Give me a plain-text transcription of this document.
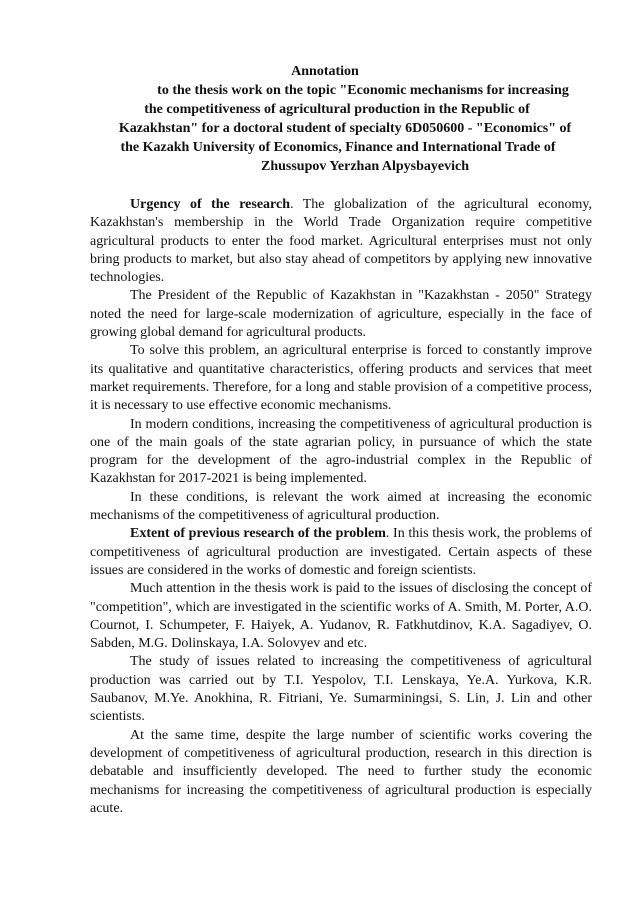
Annotation
to the thesis work on the topic "Economic mechanisms for increasing
the competitiveness of agricultural production in the Republic of
Kazakhstan" for a doctoral student of specialty 6D050600 - "Economics" of
the Kazakh University of Economics, Finance and International Trade of
Zhussupov Yerzhan Alpysbayevich

Urgency of the research. The globalization of the agricultural economy, Kazakhstan's membership in the World Trade Organization require competitive agricultural products to enter the food market. Agricultural enterprises must not only bring products to market, but also stay ahead of competitors by applying new innovative technologies.

The President of the Republic of Kazakhstan in "Kazakhstan - 2050" Strategy noted the need for large-scale modernization of agriculture, especially in the face of growing global demand for agricultural products.

To solve this problem, an agricultural enterprise is forced to constantly improve its qualitative and quantitative characteristics, offering products and services that meet market requirements. Therefore, for a long and stable provision of a competitive process, it is necessary to use effective economic mechanisms.

In modern conditions, increasing the competitiveness of agricultural production is one of the main goals of the state agrarian policy, in pursuance of which the state program for the development of the agro-industrial complex in the Republic of Kazakhstan for 2017-2021 is being implemented.

In these conditions, is relevant the work aimed at increasing the economic mechanisms of the competitiveness of agricultural production.

Extent of previous research of the problem. In this thesis work, the problems of competitiveness of agricultural production are investigated. Certain aspects of these issues are considered in the works of domestic and foreign scientists.

Much attention in the thesis work is paid to the issues of disclosing the concept of "competition", which are investigated in the scientific works of A. Smith, M. Porter, A.O. Cournot, I. Schumpeter, F. Haiyek, A. Yudanov, R. Fatkhutdinov, K.A. Sagadiyev, O. Sabden, M.G. Dolinskaya, I.A. Solovyev and etc.

The study of issues related to increasing the competitiveness of agricultural production was carried out by T.I. Yespolov, T.I. Lenskaya, Ye.A. Yurkova, K.R. Saubanov, M.Ye. Anokhina, R. Fitriani, Ye. Sumarminingsi, S. Lin, J. Lin and other scientists.

At the same time, despite the large number of scientific works covering the development of competitiveness of agricultural production, research in this direction is debatable and insufficiently developed. The need to further study the economic mechanisms for increasing the competitiveness of agricultural production is especially acute.
